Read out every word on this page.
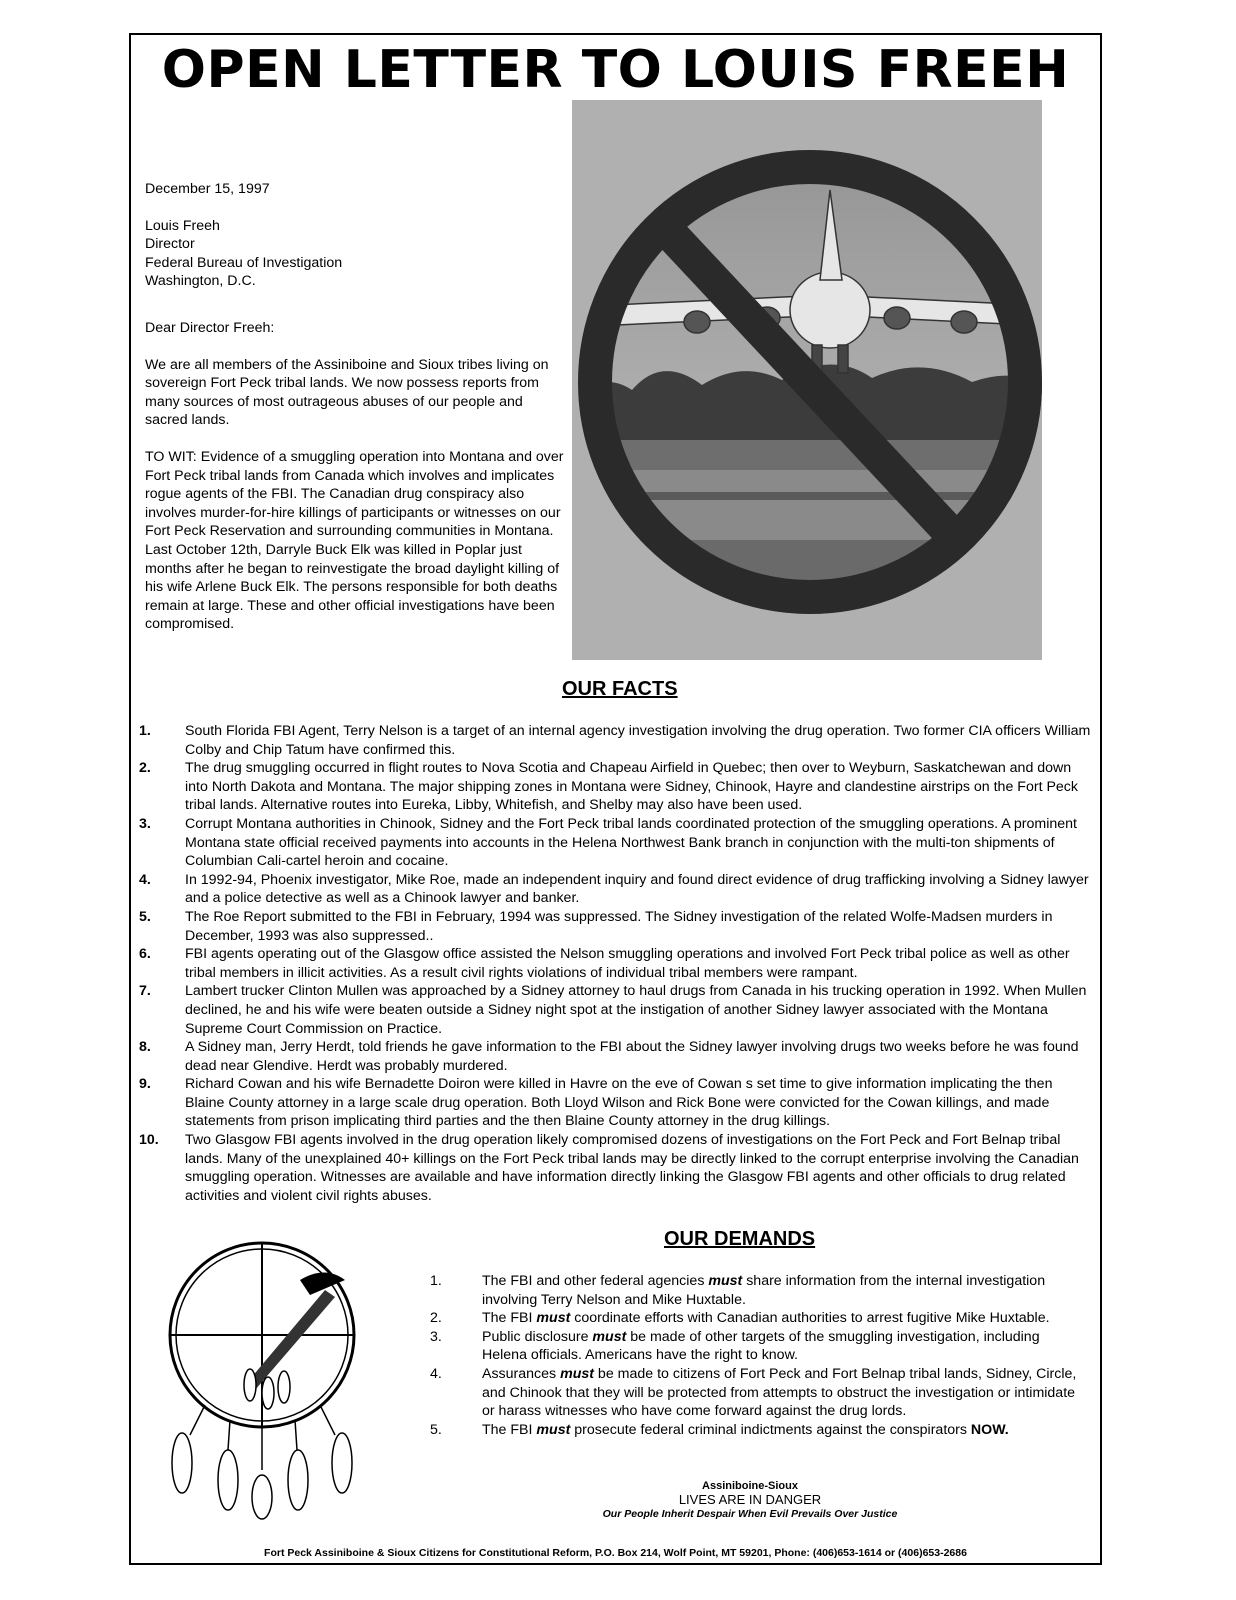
OPEN LETTER TO LOUIS FREEH

December 15, 1997

Louis Freeh

Director

Federal Bureau of Investigation

Washington, D.C.

Dear Director Freeh:

We are all members of the Assiniboine and Sioux tribes living on sovereign Fort Peck tribal lands. We now possess reports from many sources of most outrageous abuses of our people and sacred lands.

TO WIT: Evidence of a smuggling operation into Montana and over Fort Peck tribal lands from Canada which involves and implicates rogue agents of the FBI. The Canadian drug conspiracy also involves murder-for-hire killings of participants or witnesses on our Fort Peck Reservation and surrounding communities in Montana. Last October 12th, Darryle Buck Elk was killed in Poplar just months after he began to reinvestigate the broad daylight killing of his wife Arlene Buck Elk. The persons responsible for both deaths remain at large. These and other official investigations have been compromised.

OUR FACTS
1.	South Florida FBI Agent, Terry Nelson is a target of an internal agency investigation involving the drug operation. Two former CIA officers William Colby and Chip Tatum have confirmed this.
2.	The drug smuggling occurred in flight routes to Nova Scotia and Chapeau Airfield in Quebec; then over to Weyburn, Saskatchewan and down into North Dakota and Montana. The major shipping zones in Montana were Sidney, Chinook, Hayre and clandestine airstrips on the Fort Peck tribal lands. Alternative routes into Eureka, Libby, Whitefish, and Shelby may also have been used.
3.	Corrupt Montana authorities in Chinook, Sidney and the Fort Peck tribal lands coordinated protection of the smuggling operations. A prominent Montana state official received payments into accounts in the Helena Northwest Bank branch in conjunction with the multi-ton shipments of Columbian Cali-cartel heroin and cocaine.
4.	In 1992-94, Phoenix investigator, Mike Roe, made an independent inquiry and found direct evidence of drug trafficking involving a Sidney lawyer and a police detective as well as a Chinook lawyer and banker.
5.	The Roe Report submitted to the FBI in February, 1994 was suppressed. The Sidney investigation of the related Wolfe-Madsen murders in December, 1993 was also suppressed..
6.	FBI agents operating out of the Glasgow office assisted the Nelson smuggling operations and involved Fort Peck tribal police as well as other tribal members in illicit activities. As a result civil rights violations of individual tribal members were rampant.
7.	Lambert trucker Clinton Mullen was approached by a Sidney attorney to haul drugs from Canada in his trucking operation in 1992. When Mullen declined, he and his wife were beaten outside a Sidney night spot at the instigation of another Sidney lawyer associated with the Montana Supreme Court Commission on Practice.
8.	A Sidney man, Jerry Herdt, told friends he gave information to the FBI about the Sidney lawyer involving drugs two weeks before he was found dead near Glendive. Herdt was probably murdered.
9.	Richard Cowan and his wife Bernadette Doiron were killed in Havre on the eve of Cowan s set time to give information implicating the then Blaine County attorney in a large scale drug operation. Both Lloyd Wilson and Rick Bone were convicted for the Cowan killings, and made statements from prison implicating third parties and the then Blaine County attorney in the drug killings.
10.	Two Glasgow FBI agents involved in the drug operation likely compromised dozens of investigations on the Fort Peck and Fort Belnap tribal lands. Many of the unexplained 40+ killings on the Fort Peck tribal lands may be directly linked to the corrupt enterprise involving the Canadian smuggling operation. Witnesses are available and have information directly linking the Glasgow FBI agents and other officials to drug related activities and violent civil rights abuses.
OUR DEMANDS
1.	The FBI and other federal agencies must share information from the internal investigation involving Terry Nelson and Mike Huxtable.
2.	The FBI must coordinate efforts with Canadian authorities to arrest fugitive Mike Huxtable.
3.	Public disclosure must be made of other targets of the smuggling investigation, including Helena officials. Americans have the right to know.
4.	Assurances must be made to citizens of Fort Peck and Fort Belnap tribal lands, Sidney, Circle, and Chinook that they will be protected from attempts to obstruct the investigation or intimidate or harass witnesses who have come forward against the drug lords.
5.	The FBI must prosecute federal criminal indictments against the conspirators NOW.
Assiniboine-Sioux
LIVES ARE IN DANGER
Our People Inherit Despair When Evil Prevails Over Justice
Fort Peck Assiniboine & Sioux Citizens for Constitutional Reform, P.O. Box 214, Wolf Point, MT 59201, Phone: (406)653-1614 or (406)653-2686
